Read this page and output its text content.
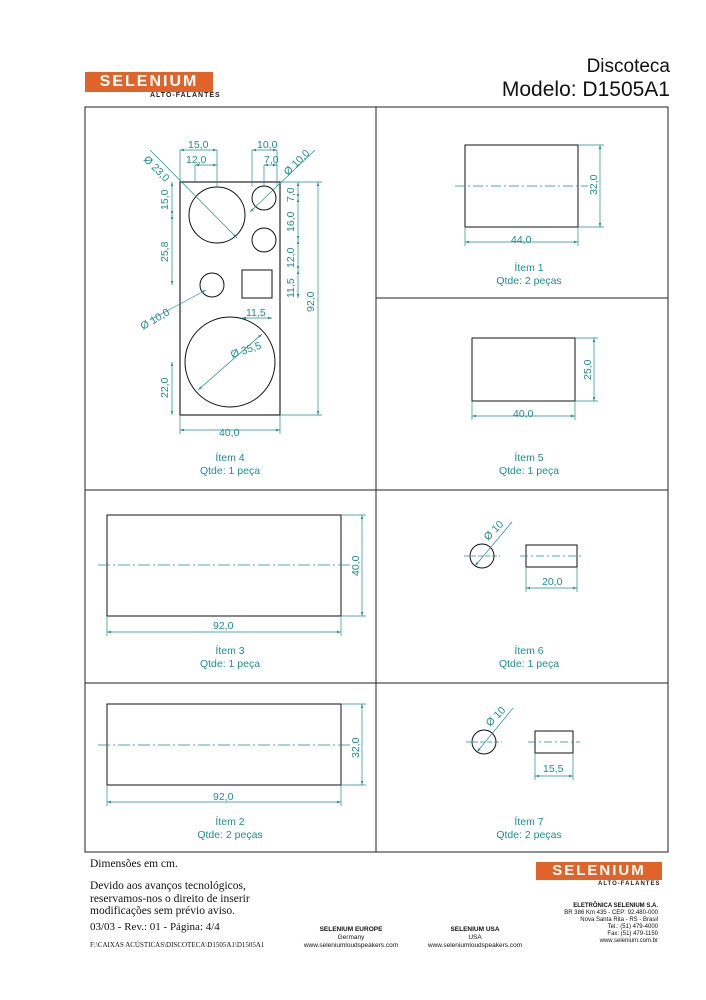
SELENIUM
ALTO-FALANTES
Discoteca
Modelo: D1505A1
15,0
12,0
10,0
7,0
Ø 23,0	Ø 10,0
15,0
25,8
22,0
92,0
7,0
16,0
12,0
11,5
11,5
Ø 10,0
Ø 35,5
40,0
44,0
32,0
40,0
25,0
92,0
40,0
Ø 10
20,0
92,0
32,0
Ø 10
15,5
Ítem 4
Qtde: 1 peça
Ítem 1
Qtde: 2 peças
Ítem 5
Qtde: 1 peça
Ítem 3
Qtde: 1 peça
Ítem 6
Qtde: 1 peça
Ítem 2
Qtde: 2 peças
Ítem 7
Qtde: 2 peças
Dimensões em cm.
Devido aos avanços tecnológicos,
reservamos-nos o direito de inserir
modificações sem prévio aviso.
03/03 - Rev.: 01 - Página: 4/4
F:\CAIXAS ACÚSTICAS\DISCOTECA\D1505A1\D1505A1
SELENIUM EUROPE
Germany
www.seleniumloudspeakers.com
SELENIUM USA
USA
www.seleniumloudspeakers.com
SELENIUM
ALTO-FALANTES
ELETRÔNICA SELENIUM S.A.
BR 386 Km 435 - CEP: 92.480-000
Nova Santa Rita - RS - Brasil
Tel.: (51) 479-4000
Fax: (51) 479-1150
www.selenium.com.br
